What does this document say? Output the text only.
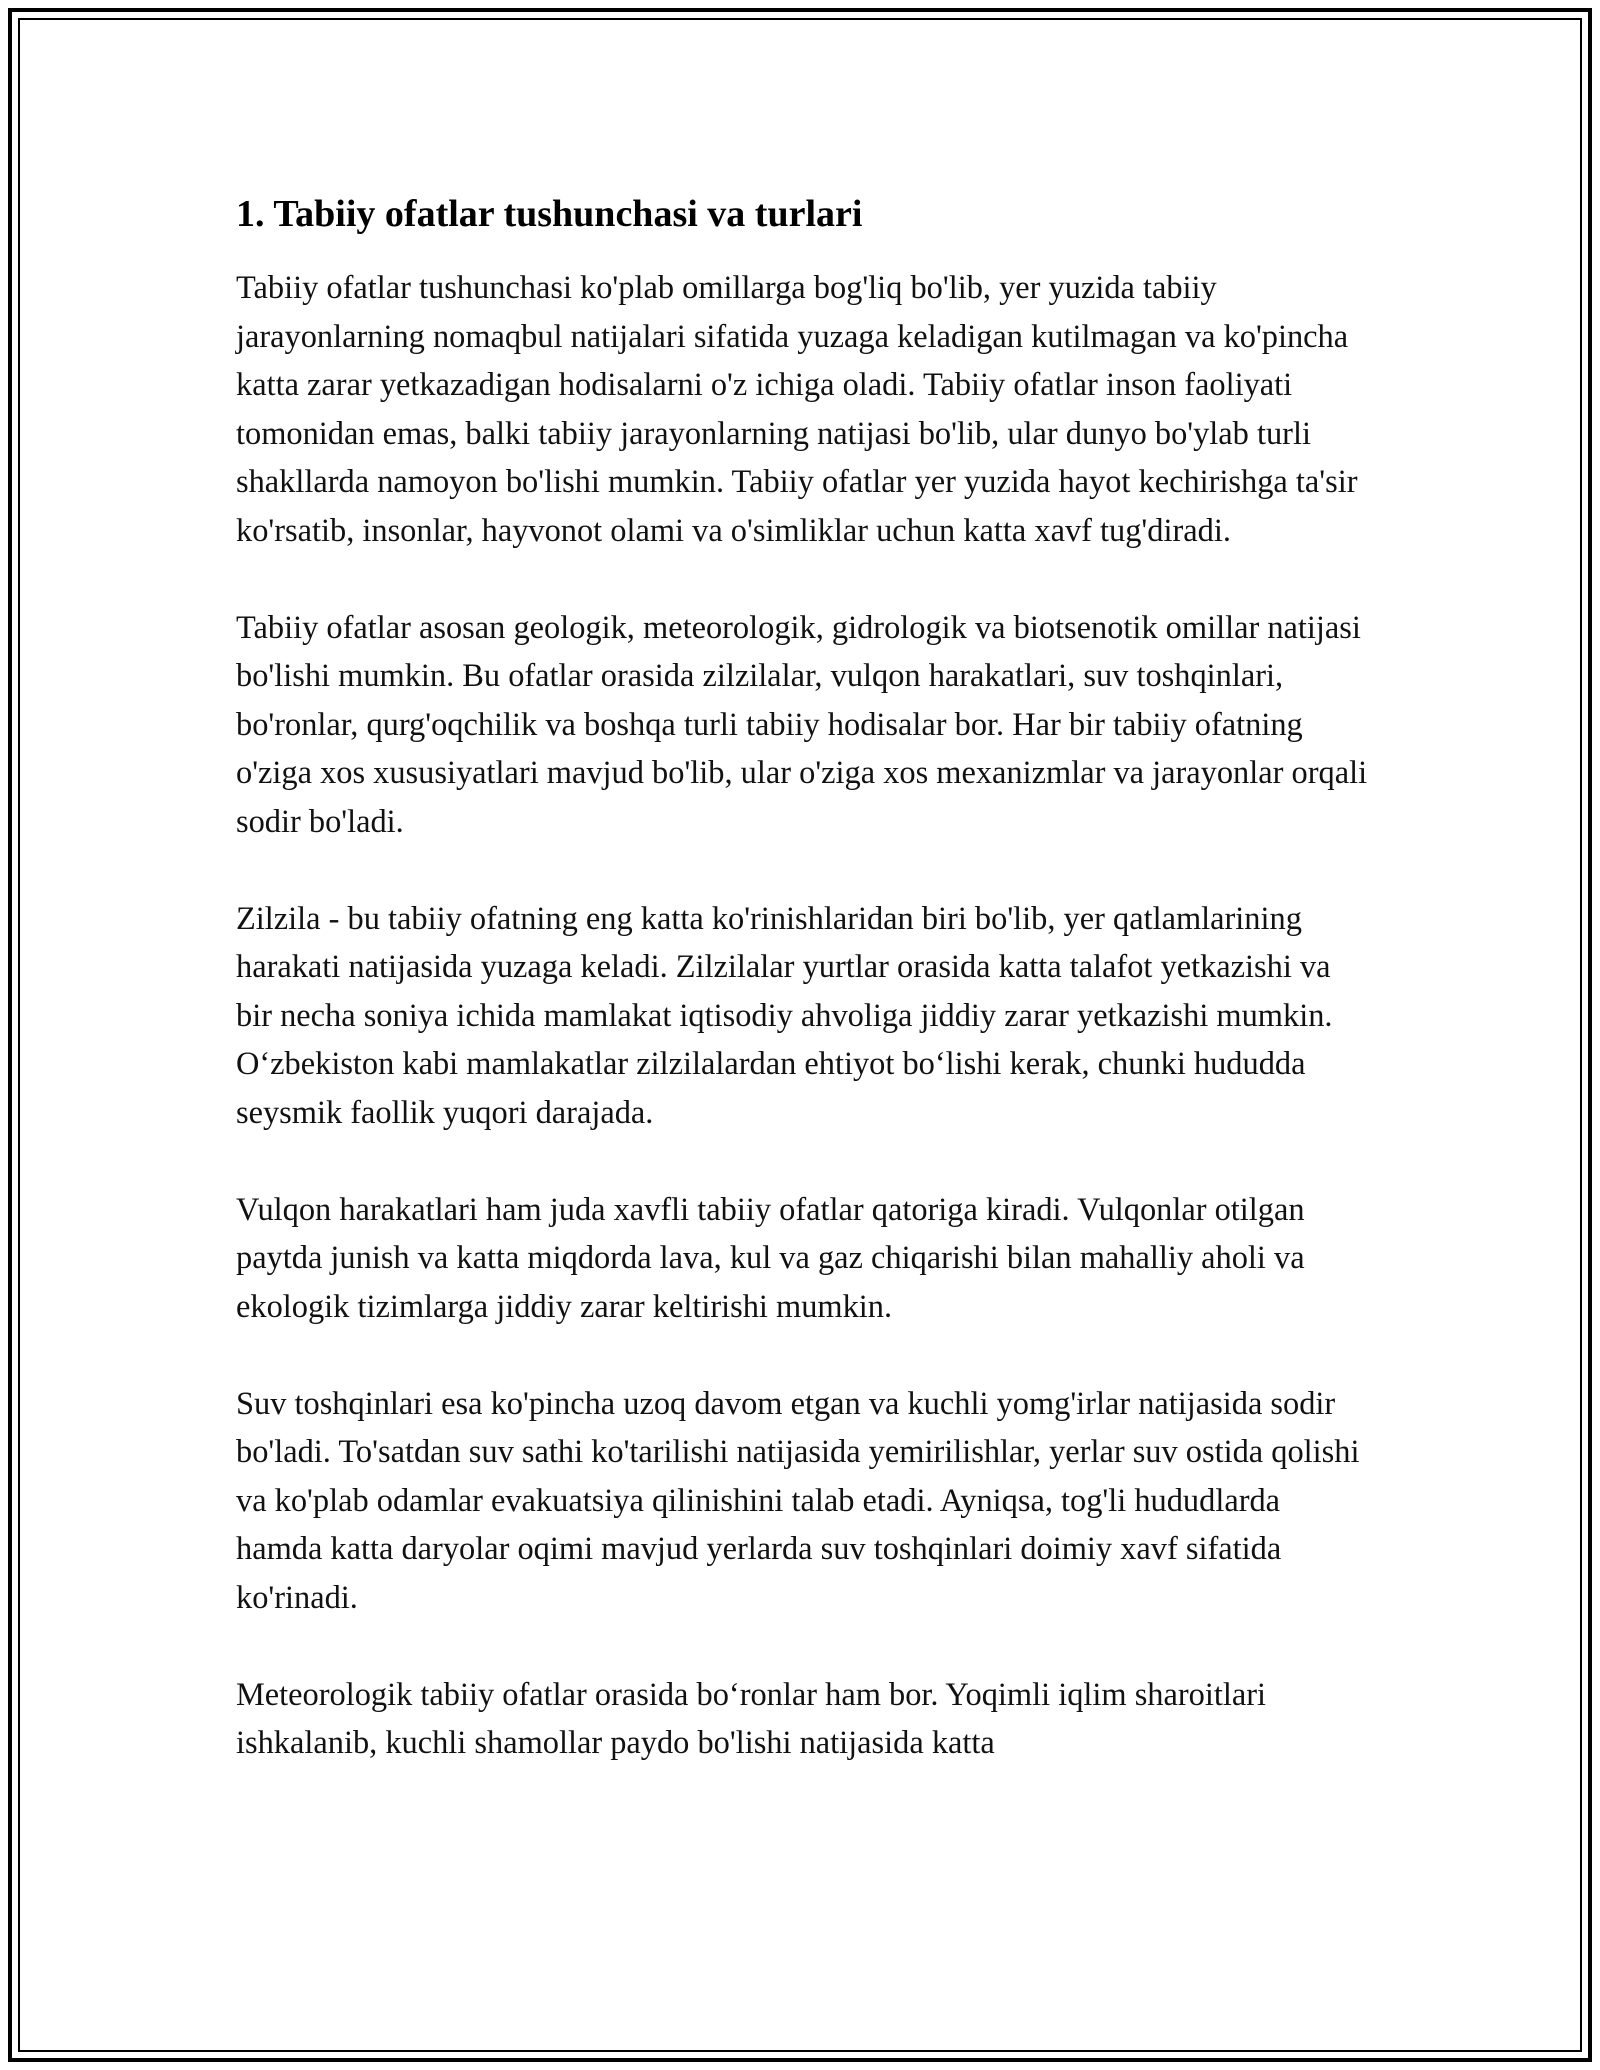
1. Tabiiy ofatlar tushunchasi va turlari

Tabiiy ofatlar tushunchasi ko'plab omillarga bog'liq bo'lib, yer yuzida tabiiy jarayonlarning nomaqbul natijalari sifatida yuzaga keladigan kutilmagan va ko'pincha katta zarar yetkazadigan hodisalarni o'z ichiga oladi. Tabiiy ofatlar inson faoliyati tomonidan emas, balki tabiiy jarayonlarning natijasi bo'lib, ular dunyo bo'ylab turli shakllarda namoyon bo'lishi mumkin. Tabiiy ofatlar yer yuzida hayot kechirishga ta'sir ko'rsatib, insonlar, hayvonot olami va o'simliklar uchun katta xavf tug'diradi.

Tabiiy ofatlar asosan geologik, meteorologik, gidrologik va biotsenotik omillar natijasi bo'lishi mumkin. Bu ofatlar orasida zilzilalar, vulqon harakatlari, suv toshqinlari, bo'ronlar, qurg'oqchilik va boshqa turli tabiiy hodisalar bor. Har bir tabiiy ofatning o'ziga xos xususiyatlari mavjud bo'lib, ular o'ziga xos mexanizmlar va jarayonlar orqali sodir bo'ladi.

Zilzila - bu tabiiy ofatning eng katta ko'rinishlaridan biri bo'lib, yer qatlamlarining harakati natijasida yuzaga keladi. Zilzilalar yurtlar orasida katta talafot yetkazishi va bir necha soniya ichida mamlakat iqtisodiy ahvoliga jiddiy zarar yetkazishi mumkin. O‘zbekiston kabi mamlakatlar zilzilalardan ehtiyot bo‘lishi kerak, chunki hududda seysmik faollik yuqori darajada.

Vulqon harakatlari ham juda xavfli tabiiy ofatlar qatoriga kiradi. Vulqonlar otilgan paytda junish va katta miqdorda lava, kul va gaz chiqarishi bilan mahalliy aholi va ekologik tizimlarga jiddiy zarar keltirishi mumkin.

Suv toshqinlari esa ko'pincha uzoq davom etgan va kuchli yomg'irlar natijasida sodir bo'ladi. To'satdan suv sathi ko'tarilishi natijasida yemirilishlar, yerlar suv ostida qolishi va ko'plab odamlar evakuatsiya qilinishini talab etadi. Ayniqsa, tog'li hududlarda hamda katta daryolar oqimi mavjud yerlarda suv toshqinlari doimiy xavf sifatida ko'rinadi.

Meteorologik tabiiy ofatlar orasida bo‘ronlar ham bor. Yoqimli iqlim sharoitlari ishkalanib, kuchli shamollar paydo bo'lishi natijasida katta
